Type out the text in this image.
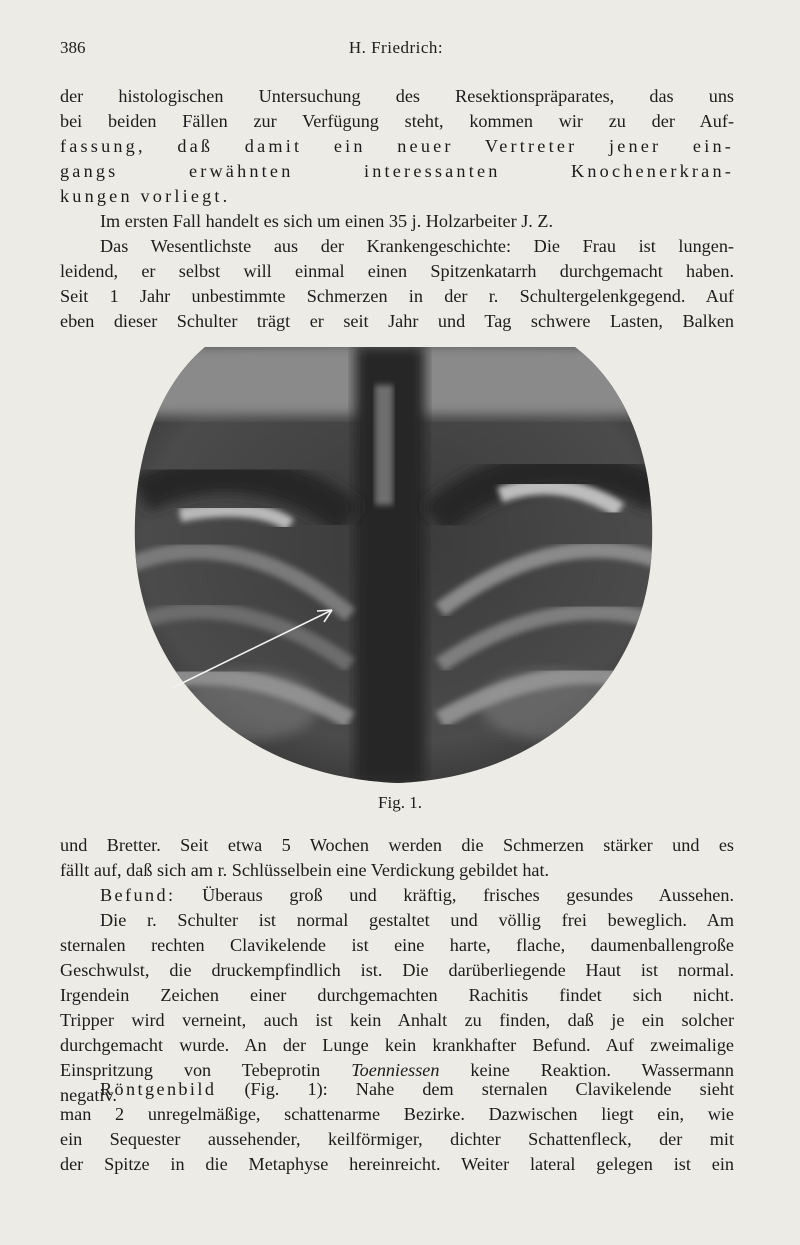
386	H. Friedrich:
der histologischen Untersuchung des Resektionspräparates, das uns
bei beiden Fällen zur Verfügung steht, kommen wir zu der Auf-
fassung, daß damit ein neuer Vertreter jener ein-
gangs erwähnten interessanten Knochenerkran-
kungen vorliegt.
Im ersten Fall handelt es sich um einen 35 j. Holzarbeiter J. Z.
Das Wesentlichste aus der Krankengeschichte: Die Frau ist lungen-
leidend, er selbst will einmal einen Spitzenkatarrh durchgemacht haben.
Seit 1 Jahr unbestimmte Schmerzen in der r. Schultergelenkgegend. Auf
eben dieser Schulter trägt er seit Jahr und Tag schwere Lasten, Balken
Fig. 1.
und Bretter. Seit etwa 5 Wochen werden die Schmerzen stärker und es
fällt auf, daß sich am r. Schlüsselbein eine Verdickung gebildet hat.
Befund: Überaus groß und kräftig, frisches gesundes Aussehen.
Die r. Schulter ist normal gestaltet und völlig frei beweglich. Am
sternalen rechten Clavikelende ist eine harte, flache, daumenballengroße
Geschwulst, die druckempfindlich ist. Die darüberliegende Haut ist normal.
Irgendein Zeichen einer durchgemachten Rachitis findet sich nicht.
Tripper wird verneint, auch ist kein Anhalt zu finden, daß je ein solcher
durchgemacht wurde. An der Lunge kein krankhafter Befund. Auf zweimalige
Einspritzung von Tebeprotin Toenniessen keine Reaktion. Wassermann
negativ.
Röntgenbild (Fig. 1): Nahe dem sternalen Clavikelende sieht
man 2 unregelmäßige, schattenarme Bezirke. Dazwischen liegt ein, wie
ein Sequester aussehender, keilförmiger, dichter Schattenfleck, der mit
der Spitze in die Metaphyse hereinreicht. Weiter lateral gelegen ist ein
